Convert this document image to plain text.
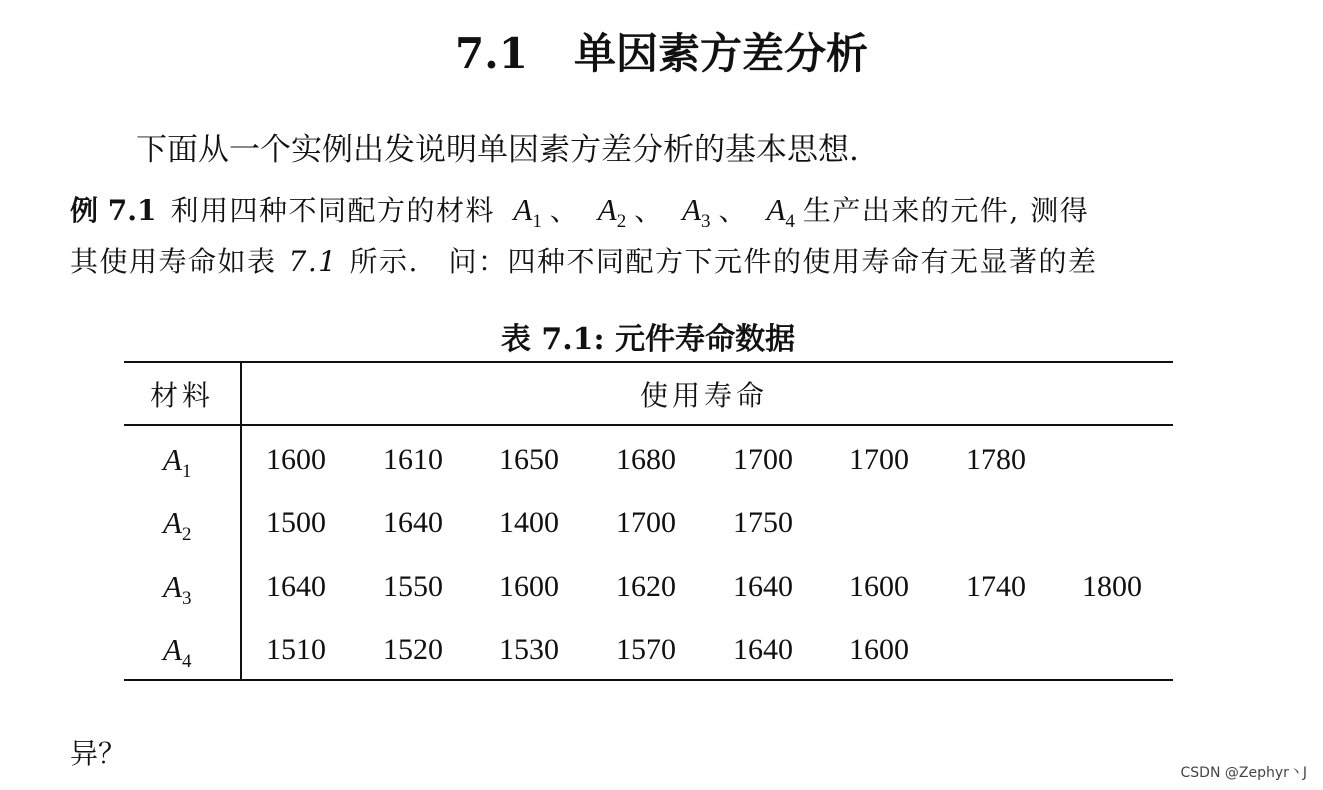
7.1 单因素方差分析
下面从一个实例出发说明单因素方差分析的基本思想.
例 7.1 利用四种不同配方的材料 $A_1$ 、 $A_2$ 、 $A_3$ 、 $A_4$ 生产出来的元件, 测得
其使用寿命如表 7.1 所示.　问：四种不同配方下元件的使用寿命有无显著的差
表 7.1: 元件寿命数据
材料	使用寿命
$A_1$ 1600 1610 1650 1680 1700 1700 1780
$A_2$ 1500 1640 1400 1700 1750
$A_3$ 1640 1550 1600 1620 1640 1600 1740 1800
$A_4$ 1510 1520 1530 1570 1640 1600
异？
CSDN @Zephyr丶J
